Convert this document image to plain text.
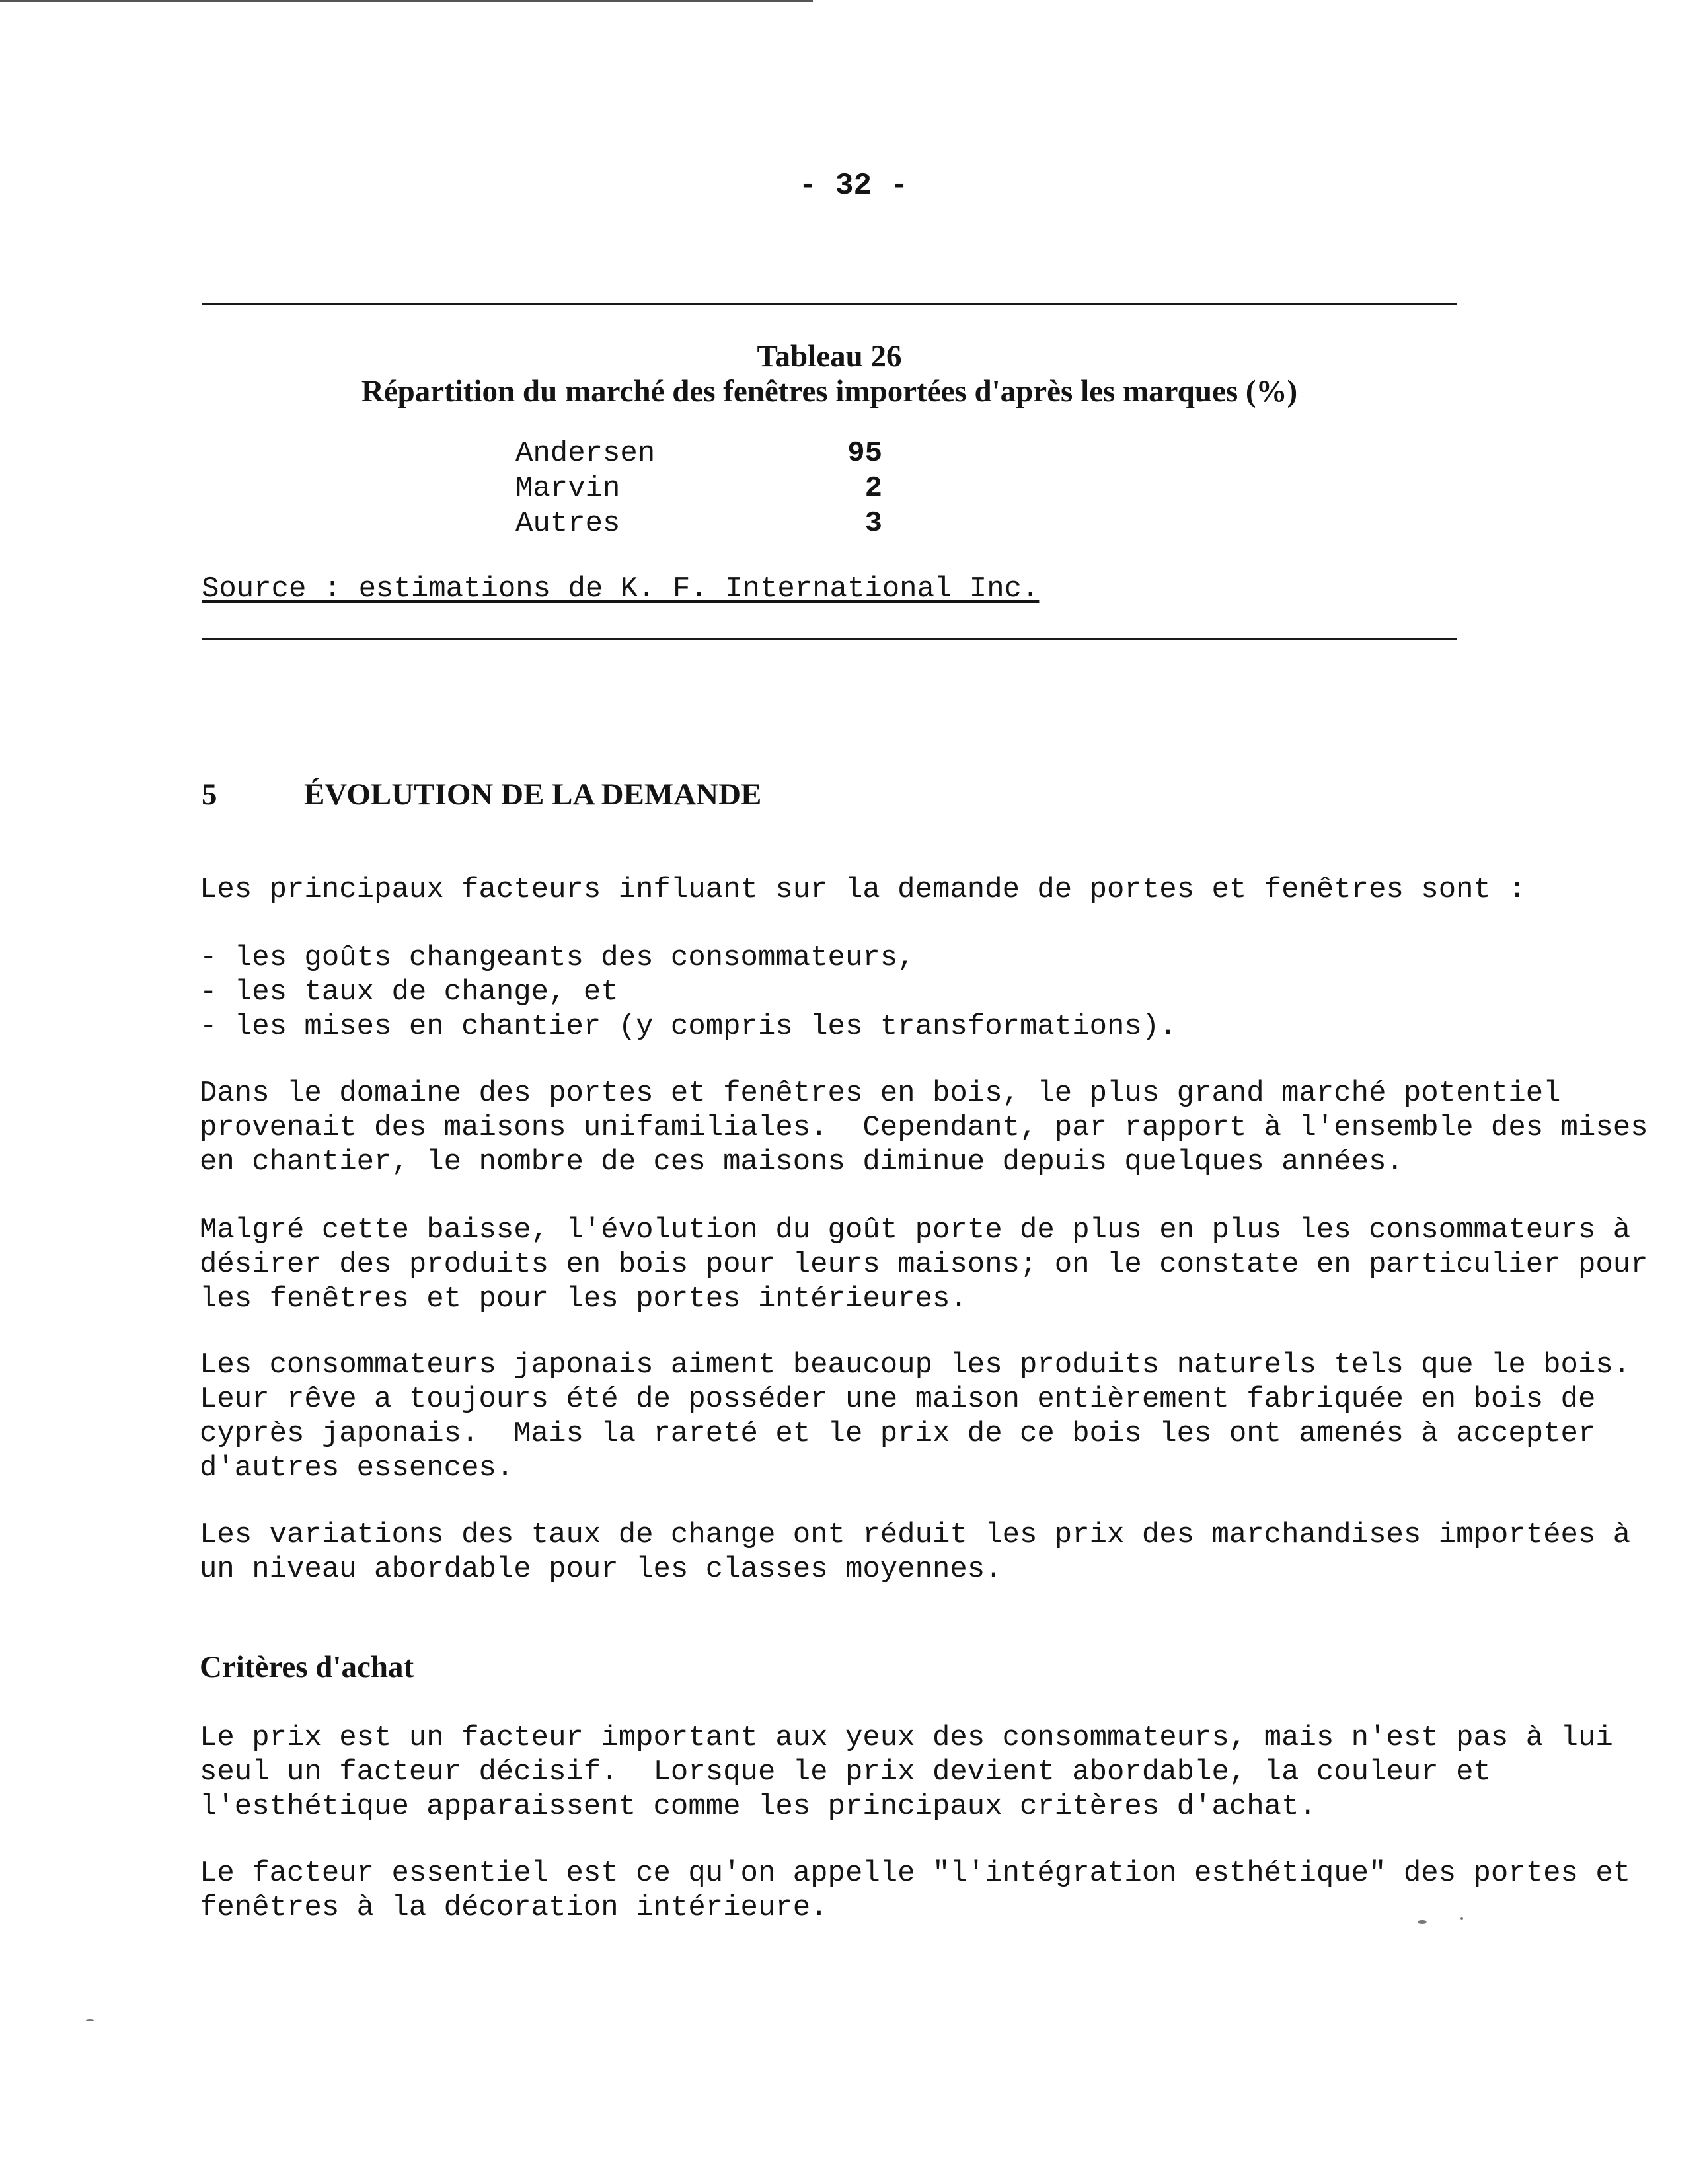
- 32 -
Tableau 26
Répartition du marché des fenêtres importées d'après les marques (%)
Andersen	95
Marvin	2
Autres	3
Source : estimations de K. F. International Inc.
5	ÉVOLUTION DE LA DEMANDE

Les principaux facteurs influant sur la demande de portes et fenêtres sont :

- les goûts changeants des consommateurs,
- les taux de change, et
- les mises en chantier (y compris les transformations).

Dans le domaine des portes et fenêtres en bois, le plus grand marché potentiel
provenait des maisons unifamiliales.  Cependant, par rapport à l'ensemble des mises
en chantier, le nombre de ces maisons diminue depuis quelques années.

Malgré cette baisse, l'évolution du goût porte de plus en plus les consommateurs à
désirer des produits en bois pour leurs maisons; on le constate en particulier pour
les fenêtres et pour les portes intérieures.

Les consommateurs japonais aiment beaucoup les produits naturels tels que le bois.
Leur rêve a toujours été de posséder une maison entièrement fabriquée en bois de
cyprès japonais.  Mais la rareté et le prix de ce bois les ont amenés à accepter
d'autres essences.

Les variations des taux de change ont réduit les prix des marchandises importées à
un niveau abordable pour les classes moyennes.

Critères d'achat

Le prix est un facteur important aux yeux des consommateurs, mais n'est pas à lui
seul un facteur décisif.  Lorsque le prix devient abordable, la couleur et
l'esthétique apparaissent comme les principaux critères d'achat.

Le facteur essentiel est ce qu'on appelle "l'intégration esthétique" des portes et
fenêtres à la décoration intérieure.
